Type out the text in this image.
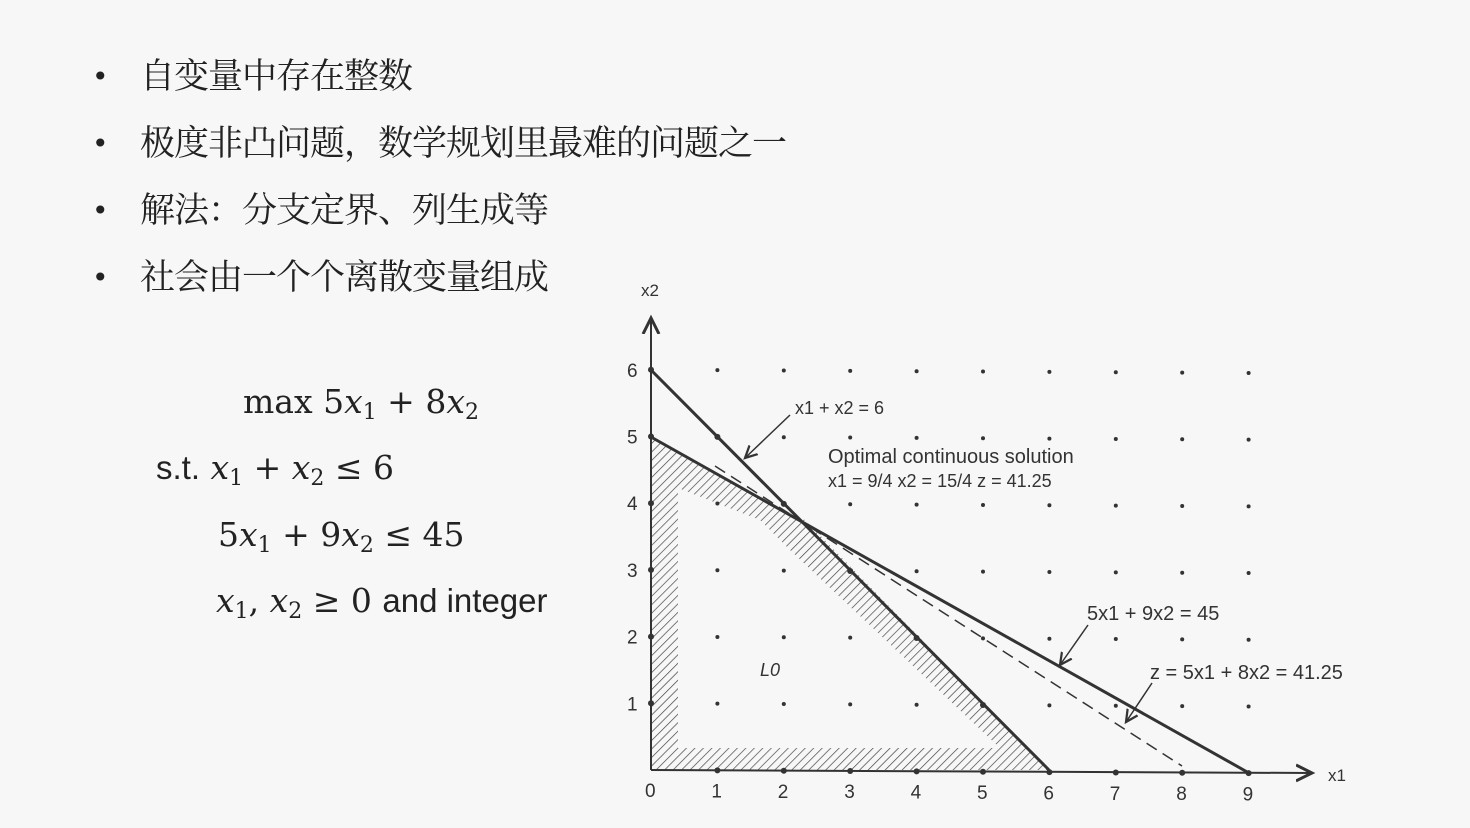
• 自变量中存在整数
• 极度非凸问题，数学规划里最难的问题之一
• 解法：分支定界、列生成等
• 社会由一个个离散变量组成
$\max 5x_1 + 8x_2$
s.t. $x_1 + x_2 \le 6$
$5x_1 + 9x_2 \le 45$
$x_1$, $x_2 \ge 0$ and integer
0	1	2	3	4	5	6	7	8	9
1
2
3
4
5
6
x2
x1
x1 + x2 = 6
Optimal continuous solution
x1 = 9/4 x2 = 15/4 z = 41.25
5x1 + 9x2 = 45
z = 5x1 + 8x2 = 41.25
L0
